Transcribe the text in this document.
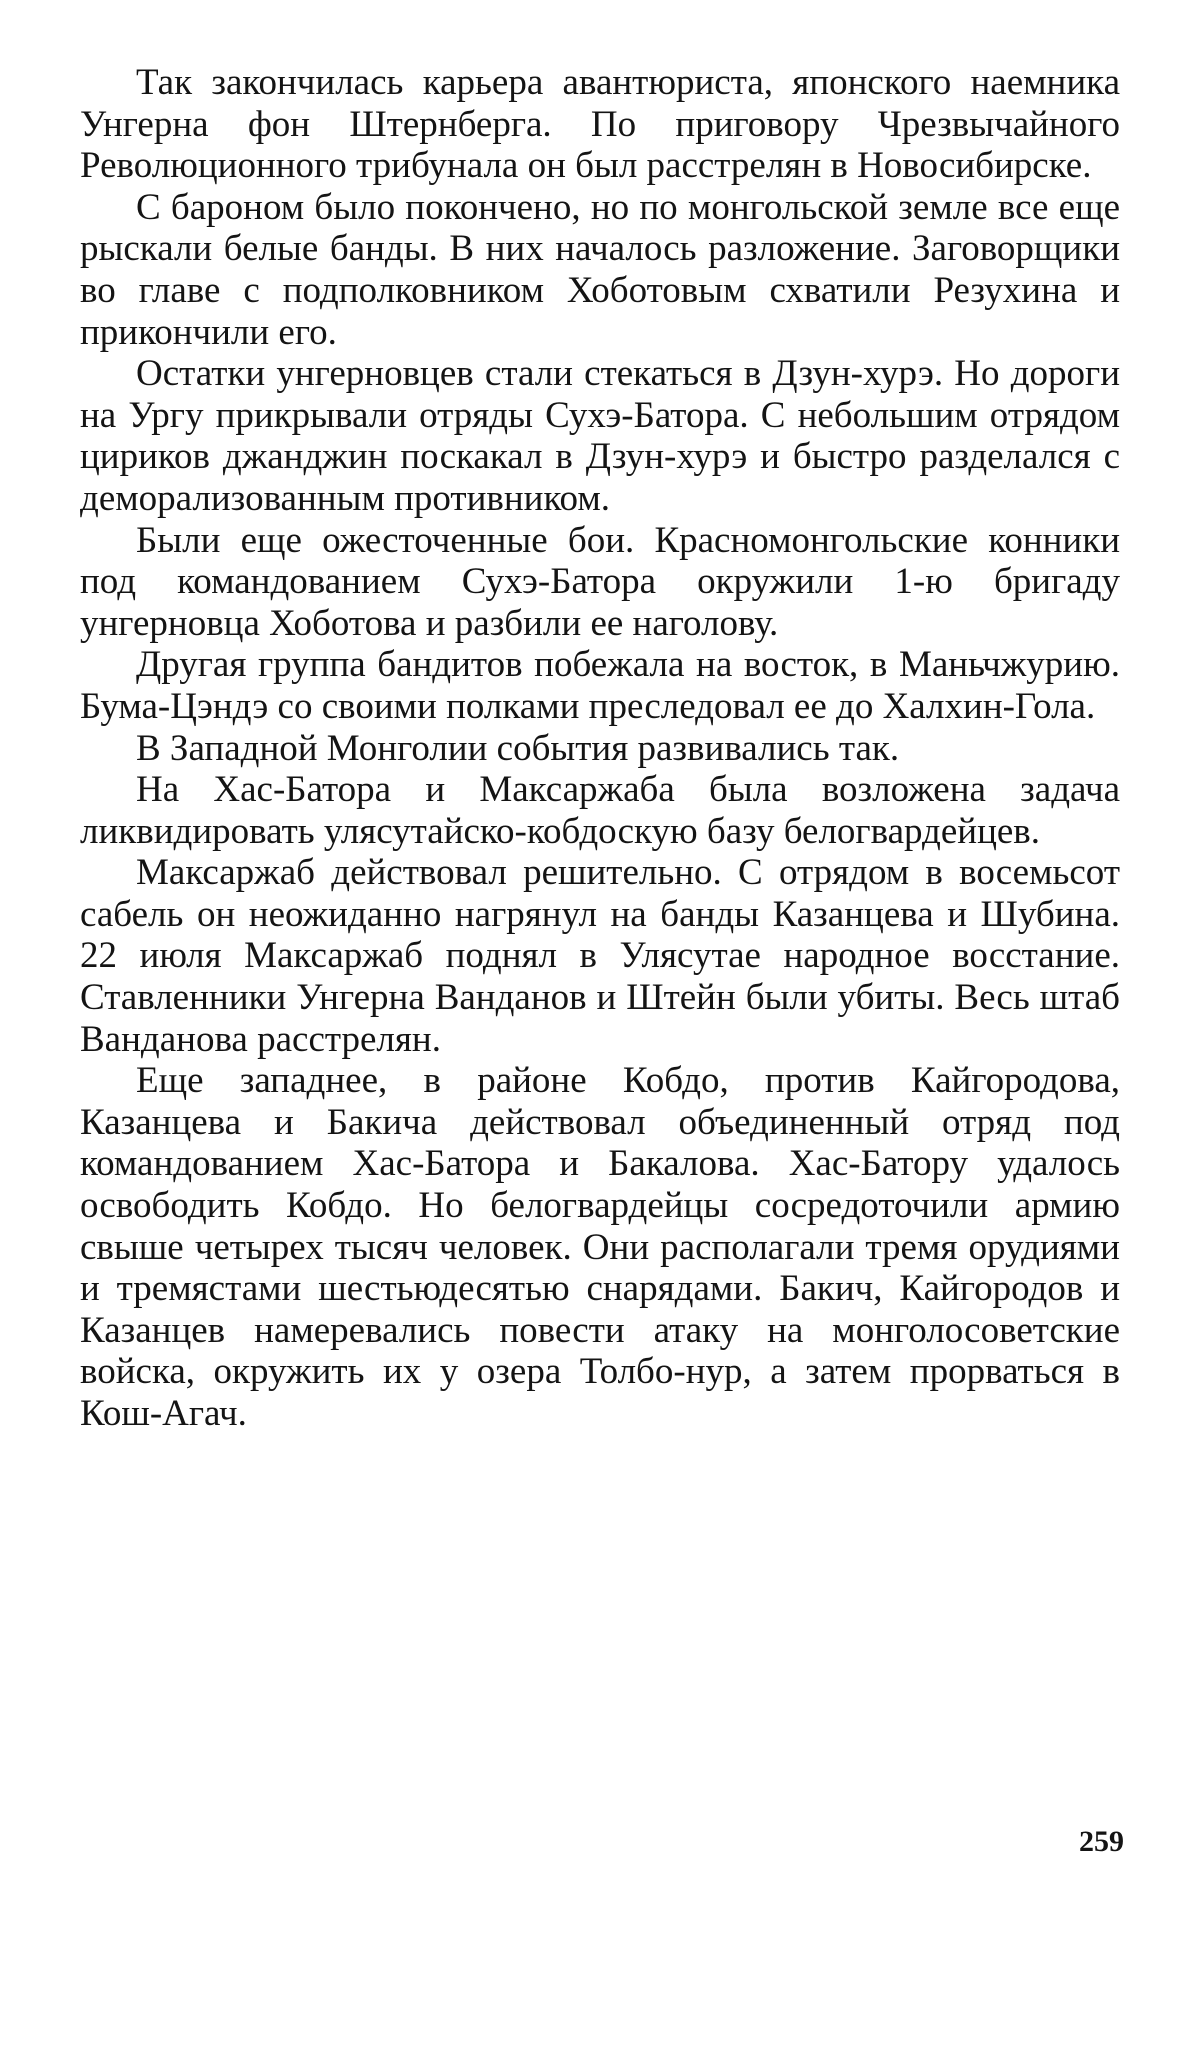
Так закончилась карьера авантюриста, японского наемника Унгерна фон Штернберга. По приговору Чрезвычайного Революционного трибунала он был расстрелян в Новосибирске.

С бароном было покончено, но по монгольской земле все еще рыскали белые банды. В них началось разложение. Заговорщики во главе с подполковником Хоботовым схватили Резухина и прикончили его.

Остатки унгерновцев стали стекаться в Дзун-хурэ. Но дороги на Ургу прикрывали отряды Сухэ-Батора. С небольшим отрядом цириков джанджин поскакал в Дзун-хурэ и быстро разделался с деморализованным противником.

Были еще ожесточенные бои. Красномонгольские конники под командованием Сухэ-Батора окружили 1-ю бригаду унгерновца Хоботова и разбили ее наголову.

Другая группа бандитов побежала на восток, в Маньчжурию. Бума-Цэндэ со своими полками преследовал ее до Халхин-Гола.

В Западной Монголии события развивались так.

На Хас-Батора и Максаржаба была возложена задача ликвидировать улясутайско-кобдоскую базу белогвардейцев.

Максаржаб действовал решительно. С отрядом в восемьсот сабель он неожиданно нагрянул на банды Казанцева и Шубина. 22 июля Максаржаб поднял в Улясутае народное восстание. Ставленники Унгерна Ванданов и Штейн были убиты. Весь штаб Ванданова расстрелян.

Еще западнее, в районе Кобдо, против Кайгородова, Казанцева и Бакича действовал объединенный отряд под командованием Хас-Батора и Бакалова. Хас-Батору удалось освободить Кобдо. Но белогвардейцы сосредоточили армию свыше четырех тысяч человек. Они располагали тремя орудиями и тремястами шестьюдесятью снарядами. Бакич, Кайгородов и Казанцев намеревались повести атаку на монголосоветские войска, окружить их у озера Толбо-нур, а затем прорваться в Кош-Агач.

259
